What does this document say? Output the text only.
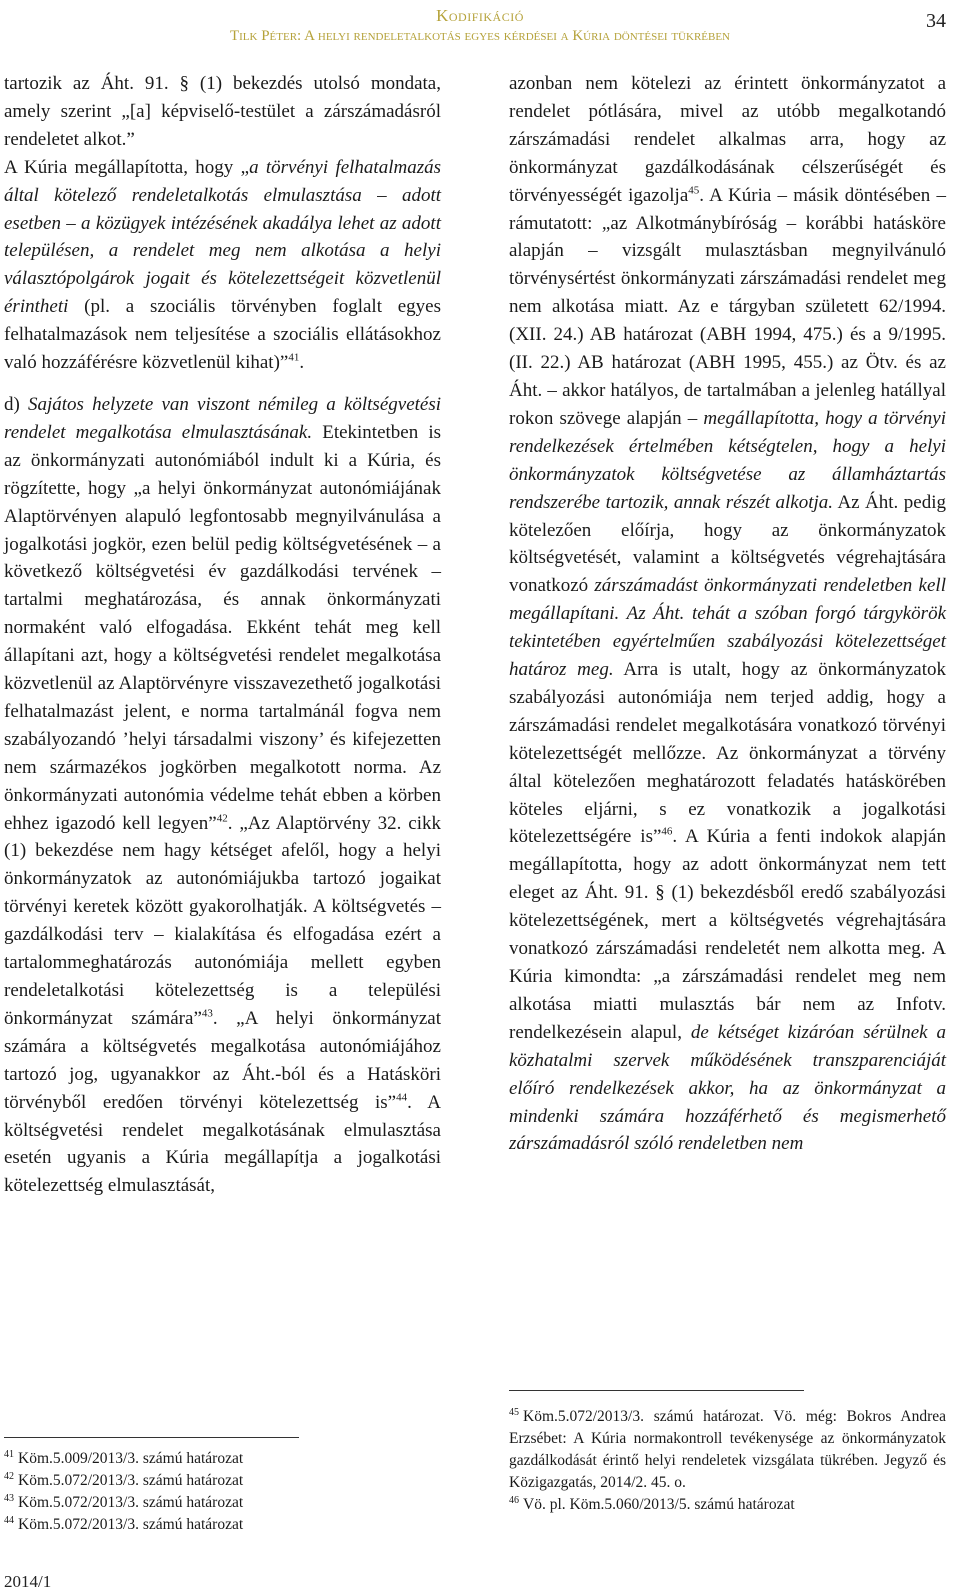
Kodifikáció
Tilk Péter: A helyi rendeletalkotás egyes kérdései a Kúria döntései tükrében
34

tartozik az Áht. 91. § (1) bekezdés utolsó mondata, amely szerint „[a] képviselő-testület a zárszámadásról rendeletet alkot.”

A Kúria megállapította, hogy „a törvényi felhatalmazás által kötelező rendeletalkotás elmulasztása – adott esetben – a közügyek intézésének akadálya lehet az adott településen, a rendelet meg nem alkotása a helyi választópolgárok jogait és kötelezettségeit közvetlenül érintheti (pl. a szociális törvényben foglalt egyes felhatalmazások nem teljesítése a szociális ellátásokhoz való hozzáférésre közvetlenül kihat)”$^{41}$.

d) Sajátos helyzete van viszont némileg a költségvetési rendelet megalkotása elmulasztásának. Etekintetben is az önkormányzati autonómiából indult ki a Kúria, és rögzítette, hogy „a helyi önkormányzat autonómiájának Alaptörvényen alapuló legfontosabb megnyilvánulása a jogalkotási jogkör, ezen belül pedig költségvetésének – a következő költségvetési év gazdálkodási tervének – tartalmi meghatározása, és annak önkormányzati normaként való elfogadása. Ekként tehát meg kell állapítani azt, hogy a költségvetési rendelet megalkotása közvetlenül az Alaptörvényre visszavezethető jogalkotási felhatalmazást jelent, e norma tartalmánál fogva nem szabályozandó ’helyi társadalmi viszony’ és kifejezetten nem származékos jogkörben megalkotott norma. Az önkormányzati autonómia védelme tehát ebben a körben ehhez igazodó kell legyen”$^{42}$. „Az Alaptörvény 32. cikk (1) bekezdése nem hagy kétséget afelől, hogy a helyi önkormányzatok az autonómiájukba tartozó jogaikat törvényi keretek között gyakorolhatják. A költségvetés – gazdálkodási terv – kialakítása és elfogadása ezért a tartalommeghatározás autonómiája mellett egyben rendeletalkotási kötelezettség is a települési önkormányzat számára”$^{43}$. „A helyi önkormányzat számára a költségvetés megalkotása autonómiájához tartozó jog, ugyanakkor az Áht.-ból és a Hatásköri törvényből eredően törvényi kötelezettség is”$^{44}$. A költségvetési rendelet megalkotásának elmulasztása esetén ugyanis a Kúria megállapítja a jogalkotási kötelezettség elmulasztását,

azonban nem kötelezi az érintett önkormányzatot a rendelet pótlására, mivel az utóbb megalkotandó zárszámadási rendelet alkalmas arra, hogy az önkormányzat gazdálkodásának célszerűségét és törvényességét igazolja$^{45}$. A Kúria – másik döntésében – rámutatott: „az Alkotmánybíróság – korábbi hatásköre alapján – vizsgált mulasztásban megnyilvánuló törvénysértést önkormányzati zárszámadási rendelet meg nem alkotása miatt. Az e tárgyban született 62/1994. (XII. 24.) AB határozat (ABH 1994, 475.) és a 9/1995. (II. 22.) AB határozat (ABH 1995, 455.) az Ötv. és az Áht. – akkor hatályos, de tartalmában a jelenleg hatállyal rokon szövege alapján – megállapította, hogy a törvényi rendelkezések értelmében kétségtelen, hogy a helyi önkormányzatok költségvetése az államháztartás rendszerébe tartozik, annak részét alkotja. Az Áht. pedig kötelezően előírja, hogy az önkormányzatok költségvetését, valamint a költségvetés végrehajtására vonatkozó zárszámadást önkormányzati rendeletben kell megállapítani. Az Áht. tehát a szóban forgó tárgykörök tekintetében egyértelműen szabályozási kötelezettséget határoz meg. Arra is utalt, hogy az önkormányzatok szabályozási autonómiája nem terjed addig, hogy a zárszámadási rendelet megalkotására vonatkozó törvényi kötelezettségét mellőzze. Az önkormányzat a törvény által kötelezően meghatározott feladatés hatáskörében köteles eljárni, s ez vonatkozik a jogalkotási kötelezettségére is”$^{46}$. A Kúria a fenti indokok alapján megállapította, hogy az adott önkormányzat nem tett eleget az Áht. 91. § (1) bekezdésből eredő szabályozási kötelezettségének, mert a költségvetés végrehajtására vonatkozó zárszámadási rendeletét nem alkotta meg. A Kúria kimondta: „a zárszámadási rendelet meg nem alkotása miatti mulasztás bár nem az Infotv. rendelkezésein alapul, de kétséget kizáróan sérülnek a közhatalmi szervek működésének transzparenciáját előíró rendelkezések akkor, ha az önkormányzat a mindenki számára hozzáférhető és megismerhető zárszámadásról szóló rendeletben nem

$^{41}$ Köm.5.009/2013/3. számú határozat
$^{42}$ Köm.5.072/2013/3. számú határozat
$^{43}$ Köm.5.072/2013/3. számú határozat
$^{44}$ Köm.5.072/2013/3. számú határozat
$^{45}$ Köm.5.072/2013/3. számú határozat. Vö. még: Bokros Andrea Erzsébet: A Kúria normakontroll tevékenysége az önkormányzatok gazdálkodását érintő helyi rendeletek vizsgálata tükrében. Jegyző és Közigazgatás, 2014/2. 45. o.
$^{46}$ Vö. pl. Köm.5.060/2013/5. számú határozat
2014/1
